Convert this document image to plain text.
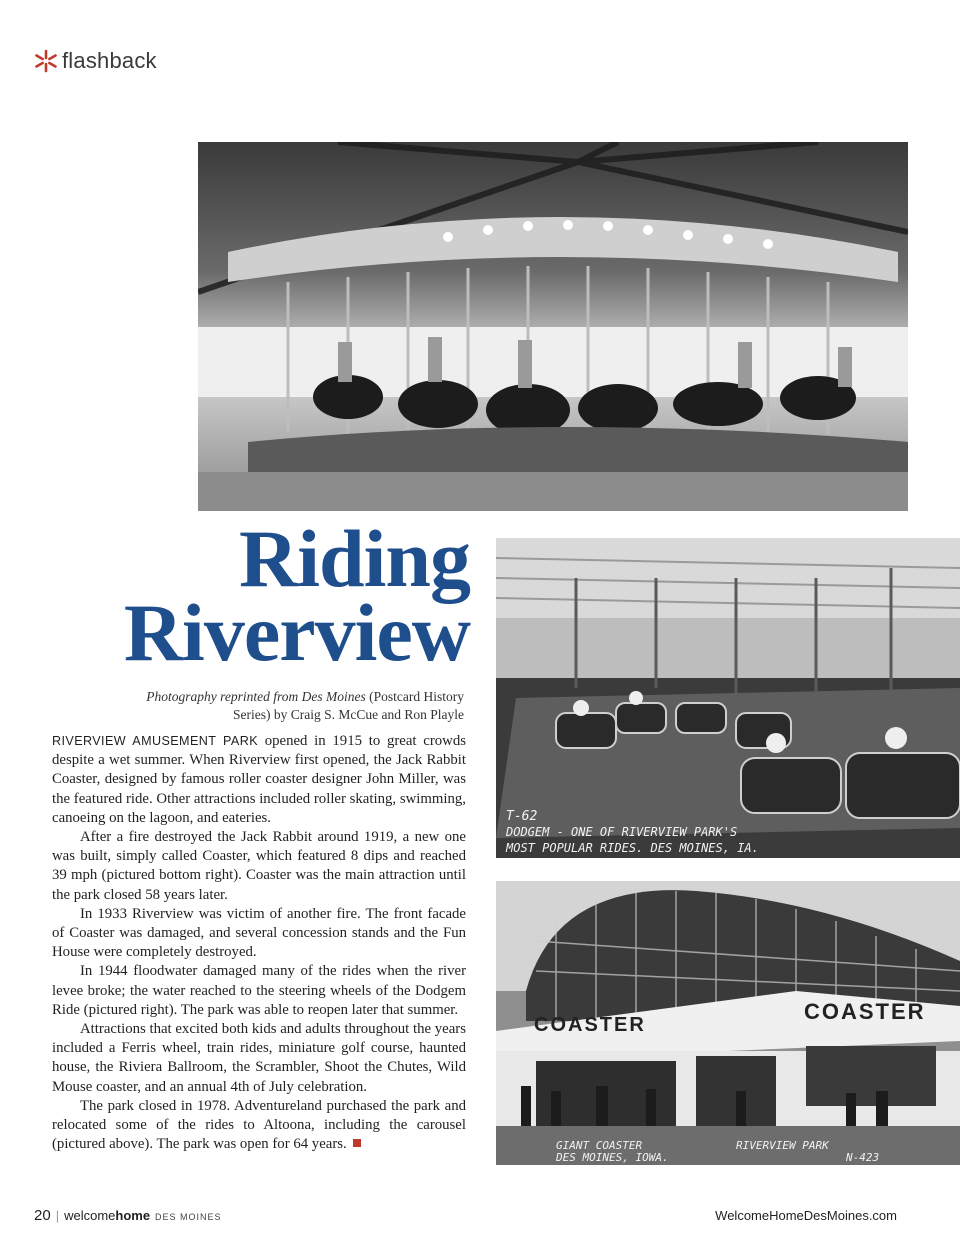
flashback
Riding
Riverview
Photography reprinted from Des Moines (Postcard History Series) by Craig S. McCue and Ron Playle
T-62
DODGEM - ONE OF RIVERVIEW PARK'S
MOST POPULAR RIDES. DES MOINES, IA.
COASTER
COASTER
GIANT COASTER
DES MOINES, IOWA.
RIVERVIEW PARK
N-423

RIVERVIEW AMUSEMENT PARK opened in 1915 to great crowds despite a wet summer. When Riverview first opened, the Jack Rabbit Coaster, designed by famous roller coaster designer John Miller, was the featured ride. Other attractions included roller skating, swimming, canoeing on the lagoon, and eateries.

After a fire destroyed the Jack Rabbit around 1919, a new one was built, simply called Coaster, which featured 8 dips and reached 39 mph (pictured bottom right). Coaster was the main attraction until the park closed 58 years later.

In 1933 Riverview was victim of another fire. The front facade of Coaster was damaged, and several concession stands and the Fun House were completely destroyed.

In 1944 floodwater damaged many of the rides when the river levee broke; the water reached to the steering wheels of the Dodgem Ride (pictured right). The park was able to reopen later that summer.

Attractions that excited both kids and adults throughout the years included a Ferris wheel, train rides, miniature golf course, haunted house, the Riviera Ballroom, the Scrambler, Shoot the Chutes, Wild Mouse coaster, and an annual 4th of July celebration.

The park closed in 1978. Adventureland purchased the park and relocated some of the rides to Altoona, including the carousel (pictured above). The park was open for 64 years.

20 | welcome home DES MOINES	WelcomeHomeDesMoines.com
